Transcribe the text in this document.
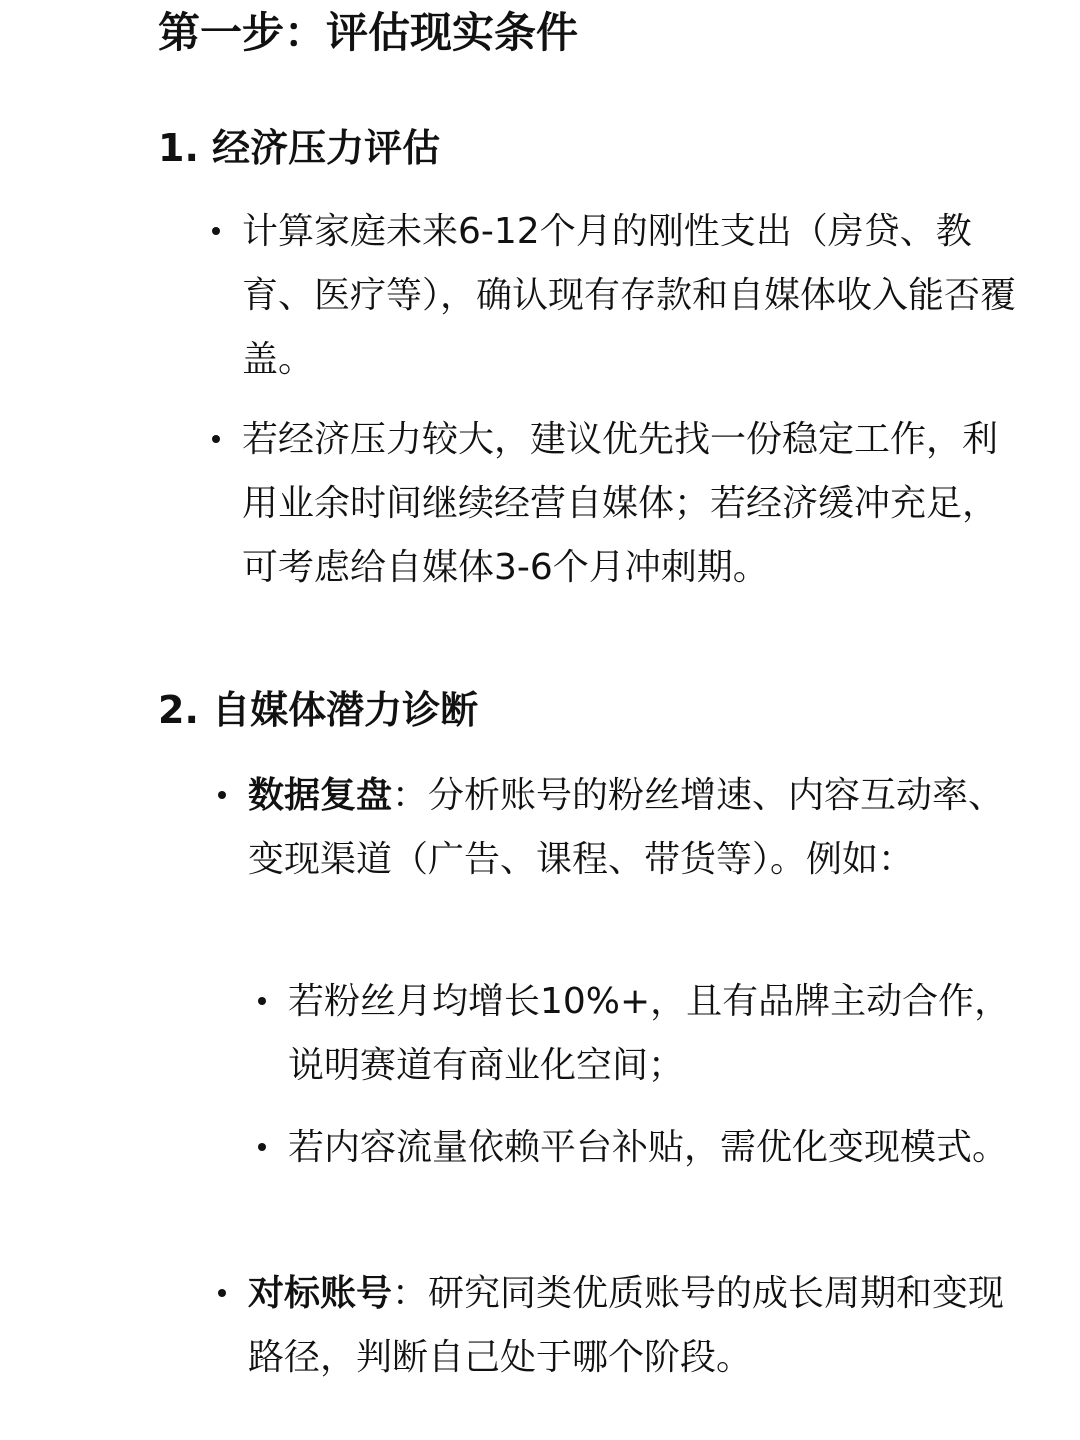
第一步：评估现实条件
1. 经济压力评估

计算家庭未来6-12个月的刚性支出（房贷、教育、医疗等），确认现有存款和自媒体收入能否覆盖。

若经济压力较大，建议优先找一份稳定工作，利用业余时间继续经营自媒体；若经济缓冲充足，可考虑给自媒体3-6个月冲刺期。

2. 自媒体潜力诊断

数据复盘：分析账号的粉丝增速、内容互动率、变现渠道（广告、课程、带货等）。例如：

若粉丝月均增长10%+，且有品牌主动合作，说明赛道有商业化空间；

若内容流量依赖平台补贴，需优化变现模式。

对标账号：研究同类优质账号的成长周期和变现路径，判断自己处于哪个阶段。
